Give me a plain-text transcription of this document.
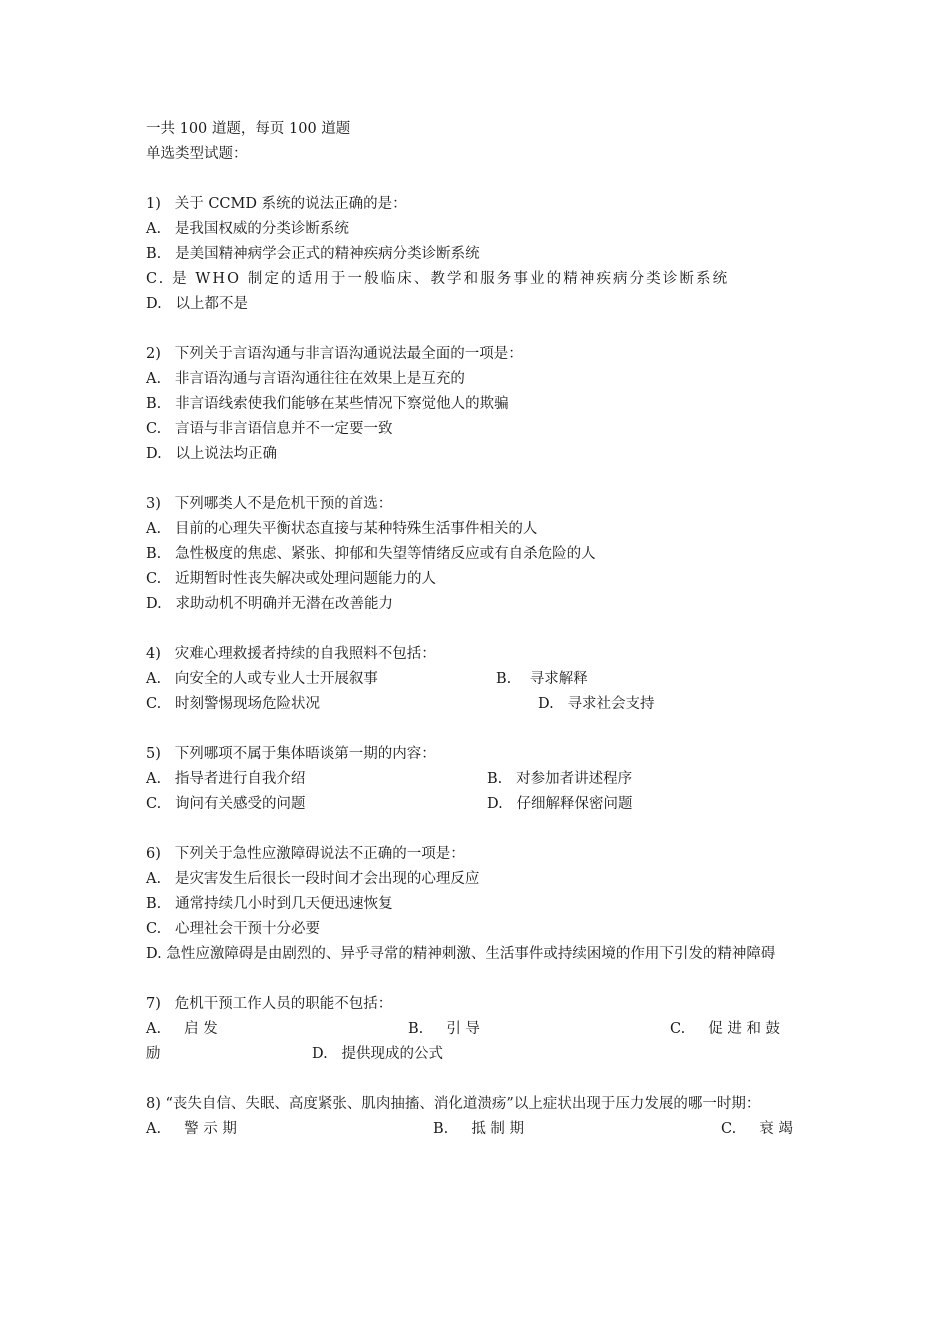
一共 100 道题，每页 100 道题
单选类型试题：
1) 关于 CCMD 系统的说法正确的是：
A. 是我国权威的分类诊断系统
B. 是美国精神病学会正式的精神疾病分类诊断系统
C. 是 WHO 制定的适用于一般临床、教学和服务事业的精神疾病分类诊断系统
D. 以上都不是
2) 下列关于言语沟通与非言语沟通说法最全面的一项是：
A. 非言语沟通与言语沟通往往在效果上是互充的
B. 非言语线索使我们能够在某些情况下察觉他人的欺骗
C. 言语与非言语信息并不一定要一致
D. 以上说法均正确
3) 下列哪类人不是危机干预的首选：
A. 目前的心理失平衡状态直接与某种特殊生活事件相关的人
B. 急性极度的焦虑、紧张、抑郁和失望等情绪反应或有自杀危险的人
C. 近期暂时性丧失解决或处理问题能力的人
D. 求助动机不明确并无潜在改善能力
4) 灾难心理救援者持续的自我照料不包括：

A. 向安全的人或专业人士开展叙事

	B. 寻求解释

C. 时刻警惕现场危险状况

	D. 寻求社会支持

5) 下列哪项不属于集体晤谈第一期的内容：

A. 指导者进行自我介绍

	B. 对参加者讲述程序

C. 询问有关感受的问题

	D. 仔细解释保密问题

6) 下列关于急性应激障碍说法不正确的一项是：
A. 是灾害发生后很长一段时间才会出现的心理反应
B. 通常持续几小时到几天便迅速恢复
C. 心理社会干预十分必要
D. 急性应激障碍是由剧烈的、异乎寻常的精神刺激、生活事件或持续困境的作用下引发的精神障碍
7) 危机干预工作人员的职能不包括：

A. 启 发

	B. 引 导

	C. 促 进 和 鼓

励

	D. 提供现成的公式

8) “丧失自信、失眠、高度紧张、肌肉抽搐、消化道溃疡”以上症状出现于压力发展的哪一时期：

A. 警 示 期

	B. 抵 制 期

	C. 衰 竭
